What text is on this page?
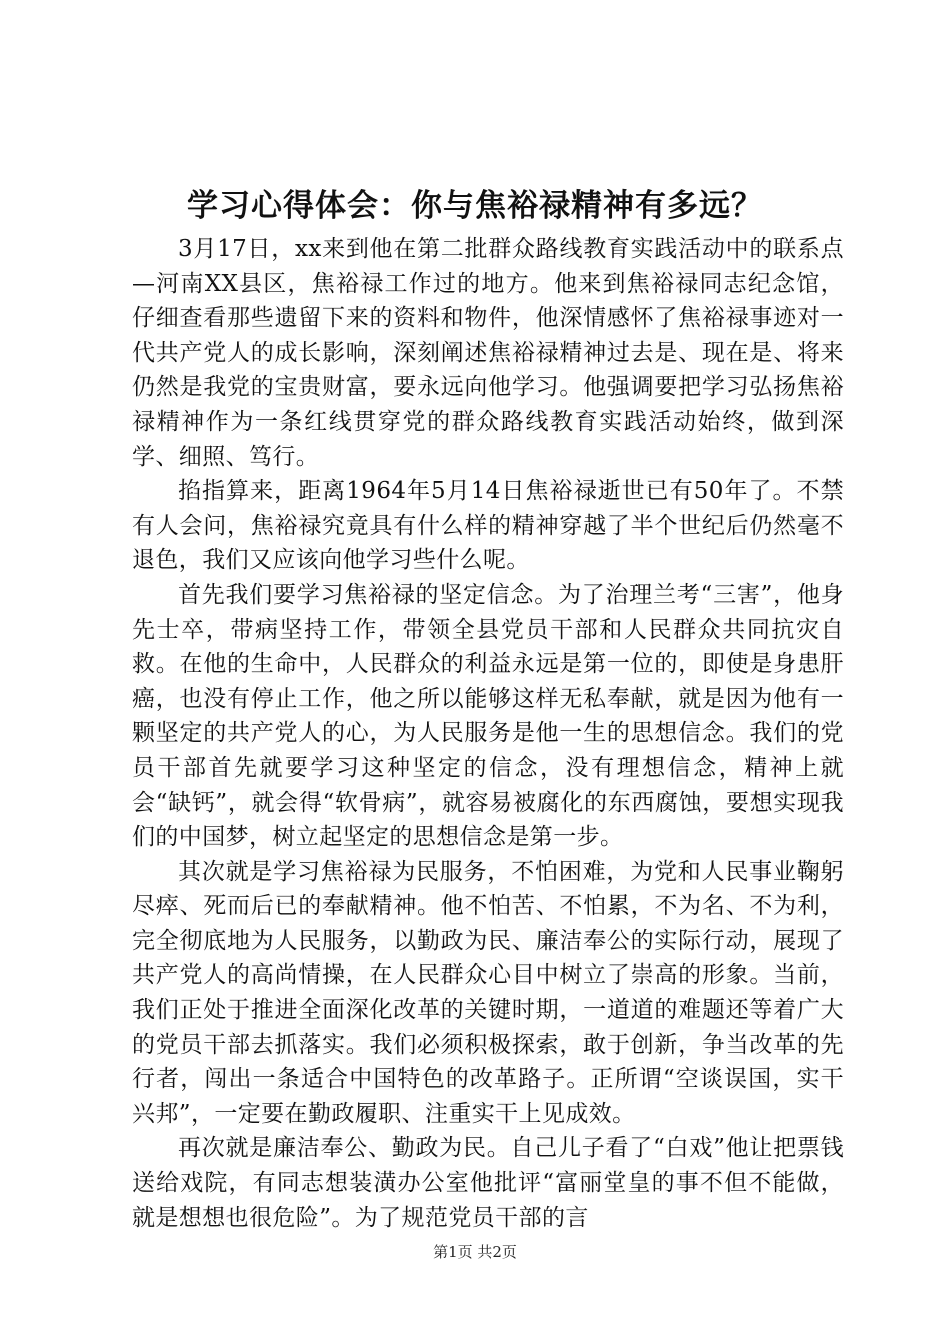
学习心得体会：你与焦裕禄精神有多远？

3月17日，xx来到他在第二批群众路线教育实践活动中的联系点—河南XX县区，焦裕禄工作过的地方。他来到焦裕禄同志纪念馆，仔细查看那些遗留下来的资料和物件，他深情感怀了焦裕禄事迹对一代共产党人的成长影响，深刻阐述焦裕禄精神过去是、现在是、将来仍然是我党的宝贵财富，要永远向他学习。他强调要把学习弘扬焦裕禄精神作为一条红线贯穿党的群众路线教育实践活动始终，做到深学、细照、笃行。

掐指算来，距离1964年5月14日焦裕禄逝世已有50年了。不禁有人会问，焦裕禄究竟具有什么样的精神穿越了半个世纪后仍然毫不退色，我们又应该向他学习些什么呢。

首先我们要学习焦裕禄的坚定信念。为了治理兰考“三害”，他身先士卒，带病坚持工作，带领全县党员干部和人民群众共同抗灾自救。在他的生命中，人民群众的利益永远是第一位的，即使是身患肝癌，也没有停止工作，他之所以能够这样无私奉献，就是因为他有一颗坚定的共产党人的心，为人民服务是他一生的思想信念。我们的党员干部首先就要学习这种坚定的信念，没有理想信念，精神上就会“缺钙”，就会得“软骨病”，就容易被腐化的东西腐蚀，要想实现我们的中国梦，树立起坚定的思想信念是第一步。

其次就是学习焦裕禄为民服务，不怕困难，为党和人民事业鞠躬尽瘁、死而后已的奉献精神。他不怕苦、不怕累，不为名、不为利，完全彻底地为人民服务，以勤政为民、廉洁奉公的实际行动，展现了共产党人的高尚情操，在人民群众心目中树立了崇高的形象。当前，我们正处于推进全面深化改革的关键时期，一道道的难题还等着广大的党员干部去抓落实。我们必须积极探索，敢于创新，争当改革的先行者，闯出一条适合中国特色的改革路子。正所谓“空谈误国，实干兴邦”，一定要在勤政履职、注重实干上见成效。

再次就是廉洁奉公、勤政为民。自己儿子看了“白戏”他让把票钱送给戏院，有同志想装潢办公室他批评“富丽堂皇的事不但不能做，就是想想也很危险”。为了规范党员干部的言

第1页 共2页
